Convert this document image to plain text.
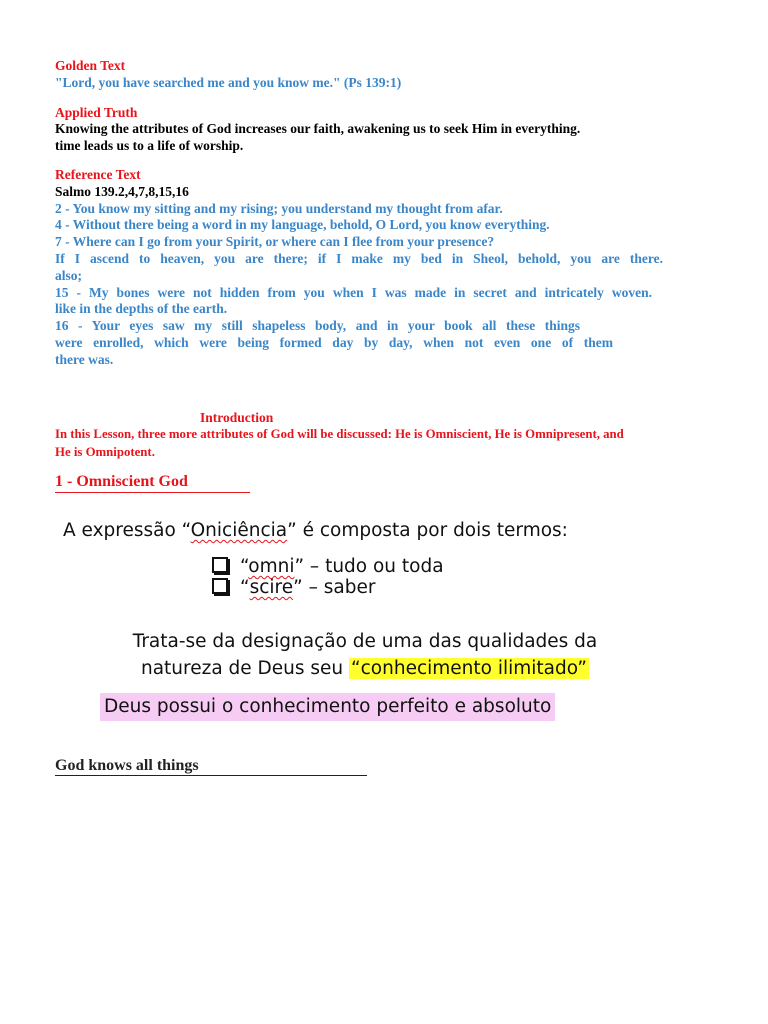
Golden Text
"Lord, you have searched me and you know me." (Ps 139:1)
Applied Truth
Knowing the attributes of God increases our faith, awakening us to seek Him in everything.
time leads us to a life of worship.
Reference Text
Salmo 139.2,4,7,8,15,16
2 - You know my sitting and my rising; you understand my thought from afar.
4 - Without there being a word in my language, behold, O Lord, you know everything.
7 - Where can I go from your Spirit, or where can I flee from your presence?
If I ascend to heaven, you are there; if I make my bed in Sheol, behold, you are there.
also;
15 - My bones were not hidden from you when I was made in secret and intricately woven.
like in the depths of the earth.
16 - Your eyes saw my still shapeless body, and in your book all these things
were enrolled, which were being formed day by day, when not even one of them
there was.
Introduction
In this Lesson, three more attributes of God will be discussed: He is Omniscient, He is Omnipresent, and
He is Omnipotent.
1 - Omniscient God
A expressão “Oniciência” é composta por dois termos:
“omni” – tudo ou toda
“scire” – saber
Trata-se da designação de uma das qualidades da
natureza de Deus seu “conhecimento ilimitado”
Deus possui o conhecimento perfeito e absoluto
God knows all things
